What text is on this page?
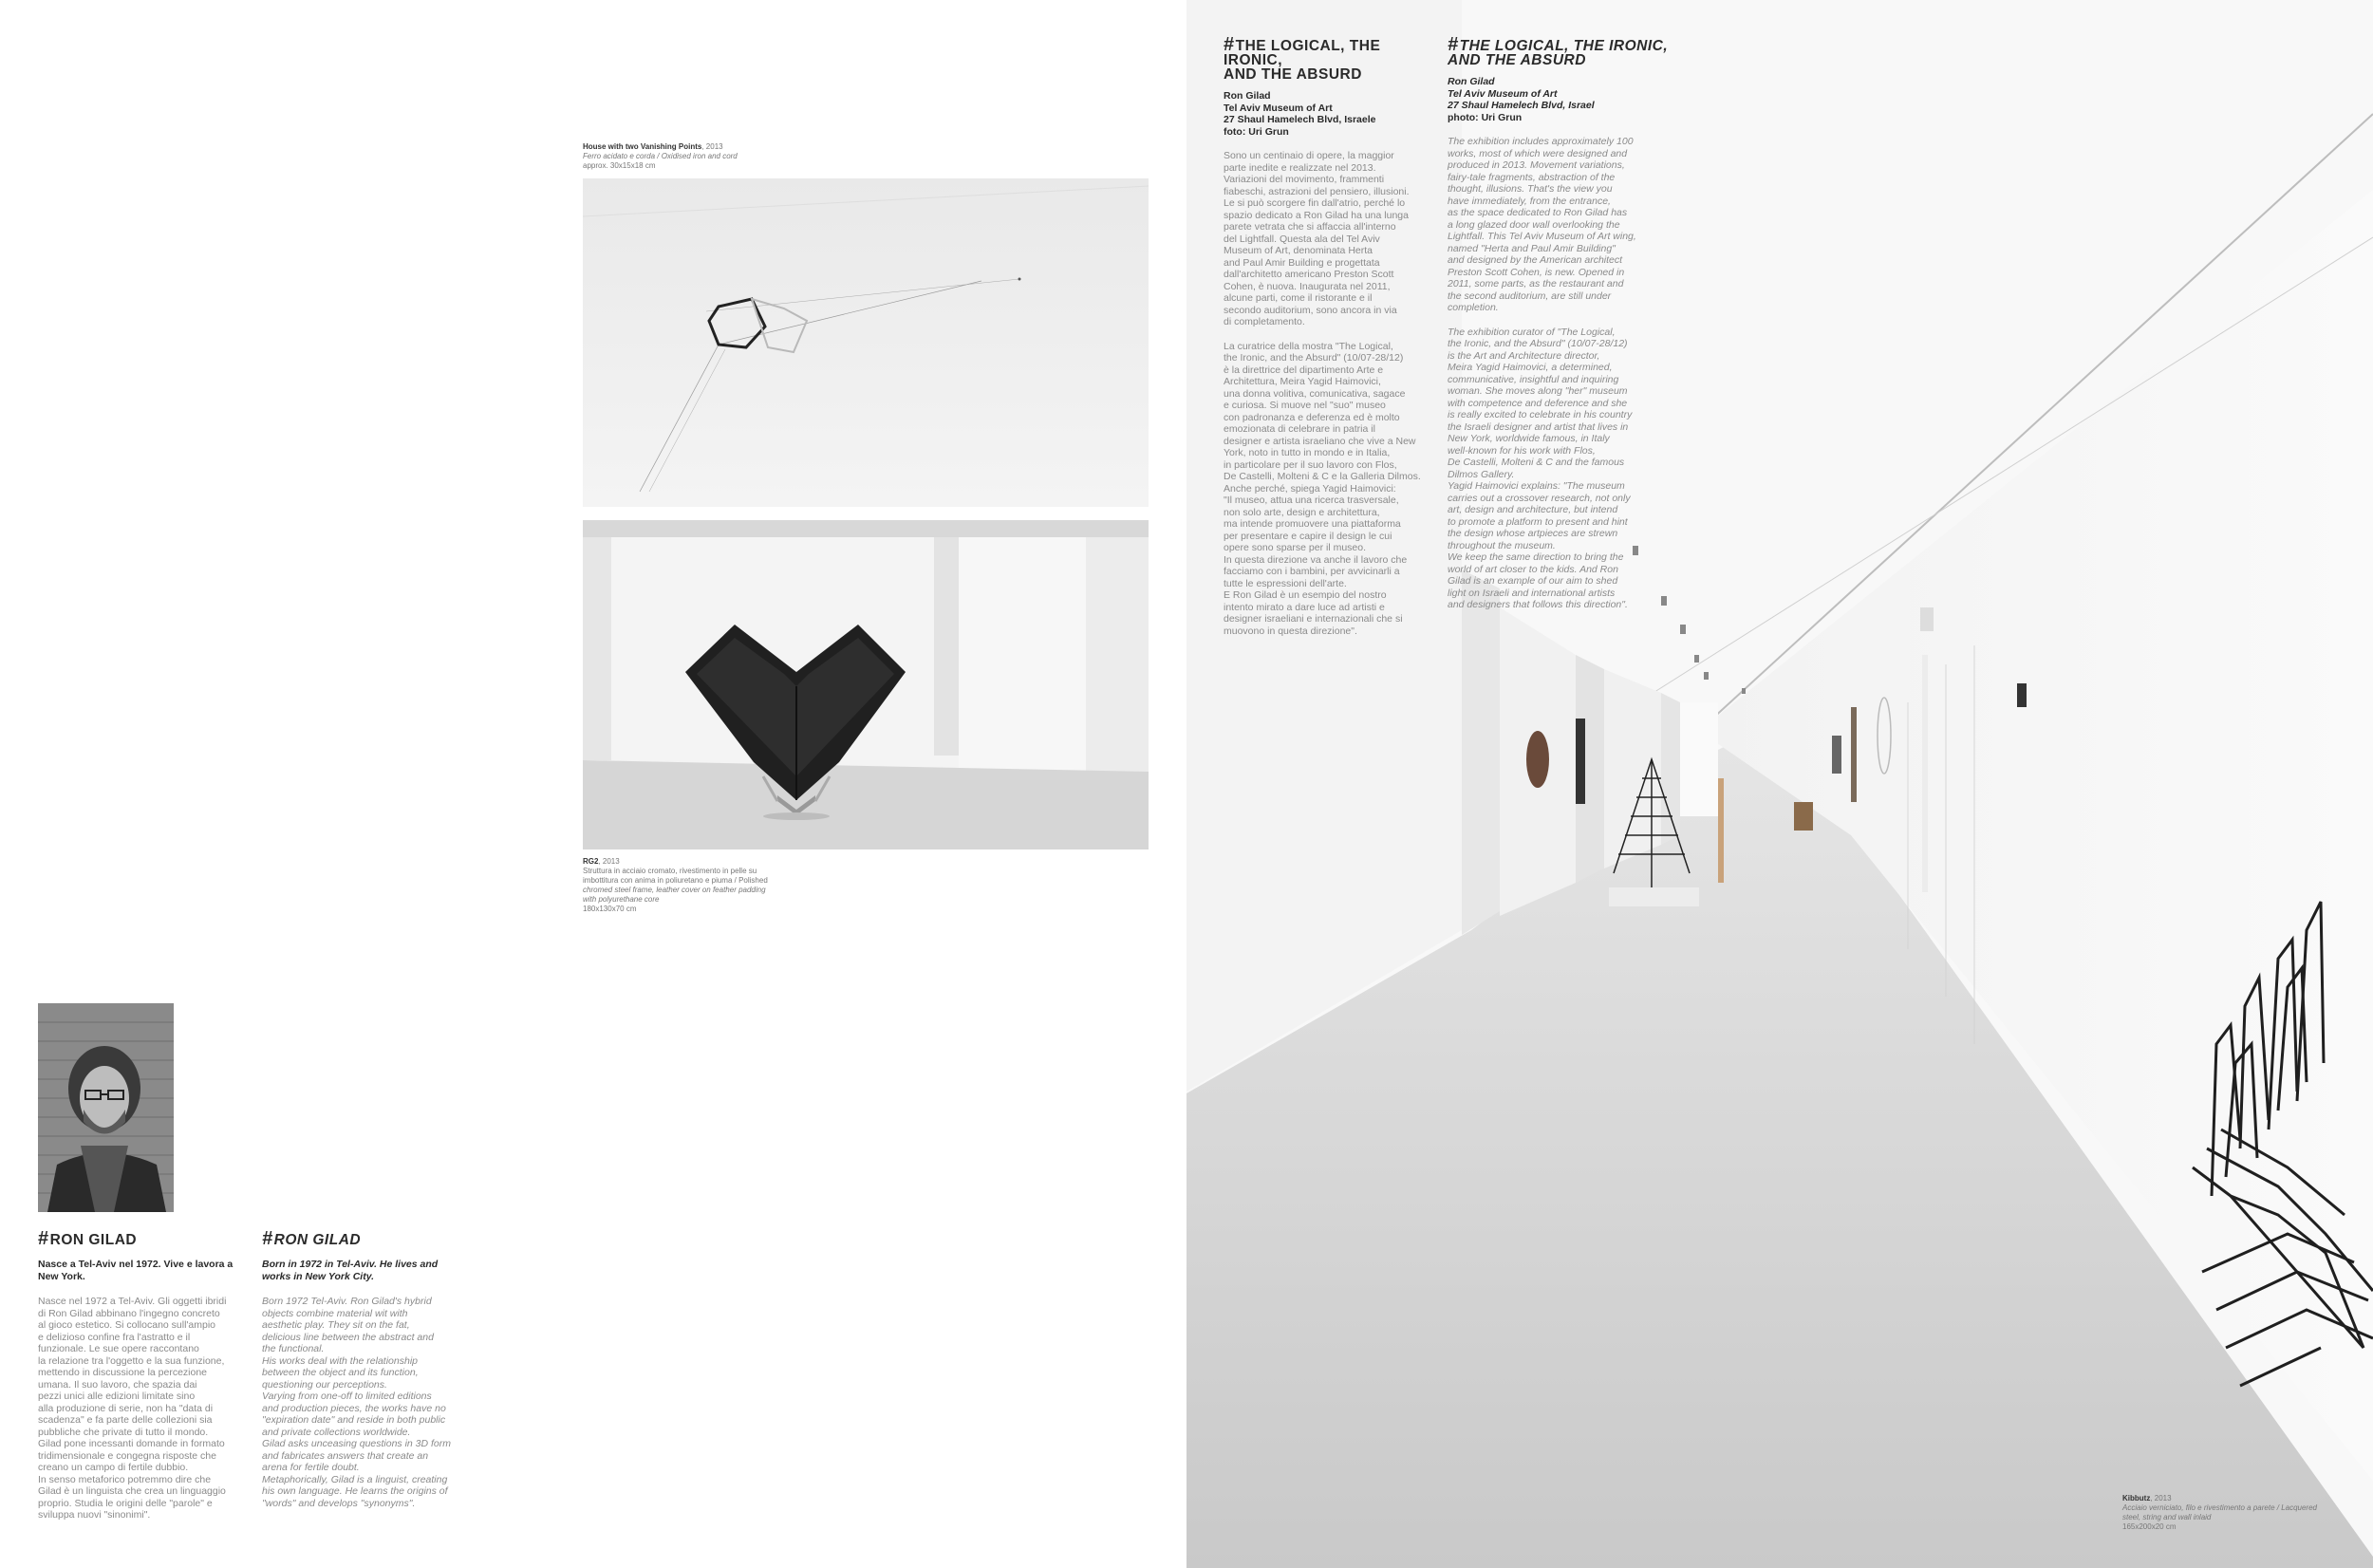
House with two Vanishing Points, 2013
Ferro acidato e corda / Oxidised iron and cord
approx. 30x15x18 cm
RG2, 2013
Struttura in acciaio cromato, rivestimento in pelle su
imbottitura con anima in poliuretano e piuma / Polished
chromed steel frame, leather cover on feather padding
with polyurethane core
180x130x70 cm
#RON GILAD
Nasce a Tel-Aviv nel 1972. Vive e lavora a New York.
Nasce nel 1972 a Tel-Aviv. Gli oggetti ibridi
di Ron Gilad abbinano l'ingegno concreto
al gioco estetico. Si collocano sull'ampio
e delizioso confine fra l'astratto e il
funzionale. Le sue opere raccontano
la relazione tra l'oggetto e la sua funzione,
mettendo in discussione la percezione
umana. Il suo lavoro, che spazia dai
pezzi unici alle edizioni limitate sino
alla produzione di serie, non ha "data di
scadenza" e fa parte delle collezioni sia
pubbliche che private di tutto il mondo.
Gilad pone incessanti domande in formato
tridimensionale e congegna risposte che
creano un campo di fertile dubbio.
In senso metaforico potremmo dire che
Gilad è un linguista che crea un linguaggio
proprio. Studia le origini delle "parole" e
sviluppa nuovi "sinonimi".
#RON GILAD
Born in 1972 in Tel-Aviv. He lives and works in New York City.
Born 1972 Tel-Aviv. Ron Gilad's hybrid
objects combine material wit with
aesthetic play. They sit on the fat,
delicious line between the abstract and
the functional.
His works deal with the relationship
between the object and its function,
questioning our perceptions.
Varying from one-off to limited editions
and production pieces, the works have no
"expiration date" and reside in both public
and private collections worldwide.
Gilad asks unceasing questions in 3D form
and fabricates answers that create an
arena for fertile doubt.
Metaphorically, Gilad is a linguist, creating
his own language. He learns the origins of
"words" and develops "synonyms".
#THE LOGICAL, THE IRONIC,
AND THE ABSURD
Ron Gilad
Tel Aviv Museum of Art
27 Shaul Hamelech Blvd, Israele
foto: Uri Grun
Sono un centinaio di opere, la maggior
parte inedite e realizzate nel 2013.
Variazioni del movimento, frammenti
fiabeschi, astrazioni del pensiero, illusioni.
Le si può scorgere fin dall'atrio, perché lo
spazio dedicato a Ron Gilad ha una lunga
parete vetrata che si affaccia all'interno
del Lightfall. Questa ala del Tel Aviv
Museum of Art, denominata Herta
and Paul Amir Building e progettata
dall'architetto americano Preston Scott
Cohen, è nuova. Inaugurata nel 2011,
alcune parti, come il ristorante e il
secondo auditorium, sono ancora in via
di completamento.
La curatrice della mostra "The Logical,
the Ironic, and the Absurd" (10/07-28/12)
è la direttrice del dipartimento Arte e
Architettura, Meira Yagid Haimovici,
una donna volitiva, comunicativa, sagace
e curiosa. Si muove nel "suo" museo
con padronanza e deferenza ed è molto
emozionata di celebrare in patria il
designer e artista israeliano che vive a New
York, noto in tutto in mondo e in Italia,
in particolare per il suo lavoro con Flos,
De Castelli, Molteni & C e la Galleria Dilmos.
Anche perché, spiega Yagid Haimovici:
"Il museo, attua una ricerca trasversale,
non solo arte, design e architettura,
ma intende promuovere una piattaforma
per presentare e capire il design le cui
opere sono sparse per il museo.
In questa direzione va anche il lavoro che
facciamo con i bambini, per avvicinarli a
tutte le espressioni dell'arte.
E Ron Gilad è un esempio del nostro
intento mirato a dare luce ad artisti e
designer israeliani e internazionali che si
muovono in questa direzione".
#THE LOGICAL, THE IRONIC,
AND THE ABSURD
Ron Gilad
Tel Aviv Museum of Art
27 Shaul Hamelech Blvd, Israel
photo: Uri Grun
The exhibition includes approximately 100
works, most of which were designed and
produced in 2013. Movement variations,
fairy-tale fragments, abstraction of the
thought, illusions. That's the view you
have immediately, from the entrance,
as the space dedicated to Ron Gilad has
a long glazed door wall overlooking the
Lightfall. This Tel Aviv Museum of Art wing,
named "Herta and Paul Amir Building"
and designed by the American architect
Preston Scott Cohen, is new. Opened in
2011, some parts, as the restaurant and
the second auditorium, are still under
completion.
The exhibition curator of "The Logical,
the Ironic, and the Absurd" (10/07-28/12)
is the Art and Architecture director,
Meira Yagid Haimovici, a determined,
communicative, insightful and inquiring
woman. She moves along "her" museum
with competence and deference and she
is really excited to celebrate in his country
the Israeli designer and artist that lives in
New York, worldwide famous, in Italy
well-known for his work with Flos,
De Castelli, Molteni & C and the famous
Dilmos Gallery.
Yagid Haimovici explains: "The museum
carries out a crossover research, not only
art, design and architecture, but intend
to promote a platform to present and hint
the design whose artpieces are strewn
throughout the museum.
We keep the same direction to bring the
world of art closer to the kids. And Ron
Gilad is an example of our aim to shed
light on Israeli and international artists
and designers that follows this direction".
Kibbutz, 2013
Acciaio verniciato, filo e rivestimento a parete / Lacquered
steel, string and wall inlaid
165x200x20 cm
